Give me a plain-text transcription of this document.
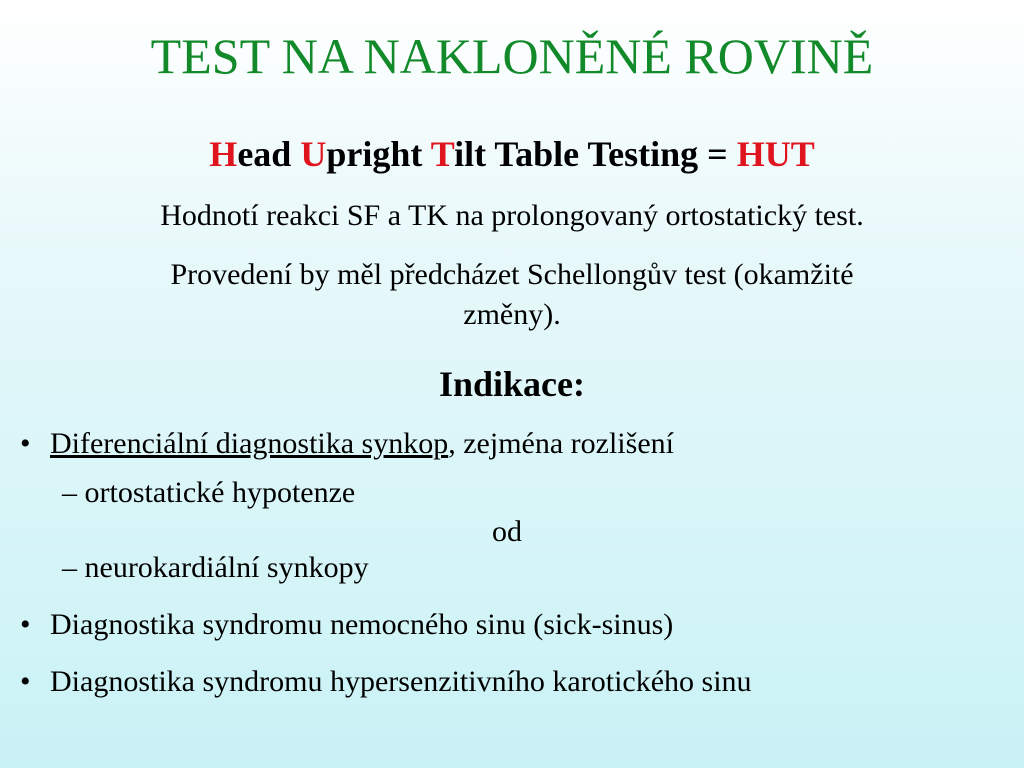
TEST NA NAKLONĚNÉ ROVINĚ
Head Upright Tilt Table Testing = HUT
Hodnotí reakci SF a TK na prolongovaný ortostatický test.
Provedení by měl předcházet Schellongův test (okamžité
změny).
Indikace:
• Diferenciální diagnostika synkop, zejména rozlišení
– ortostatické hypotenze
od
– neurokardiální synkopy
• Diagnostika syndromu nemocného sinu (sick-sinus)
• Diagnostika syndromu hypersenzitivního karotického sinu
